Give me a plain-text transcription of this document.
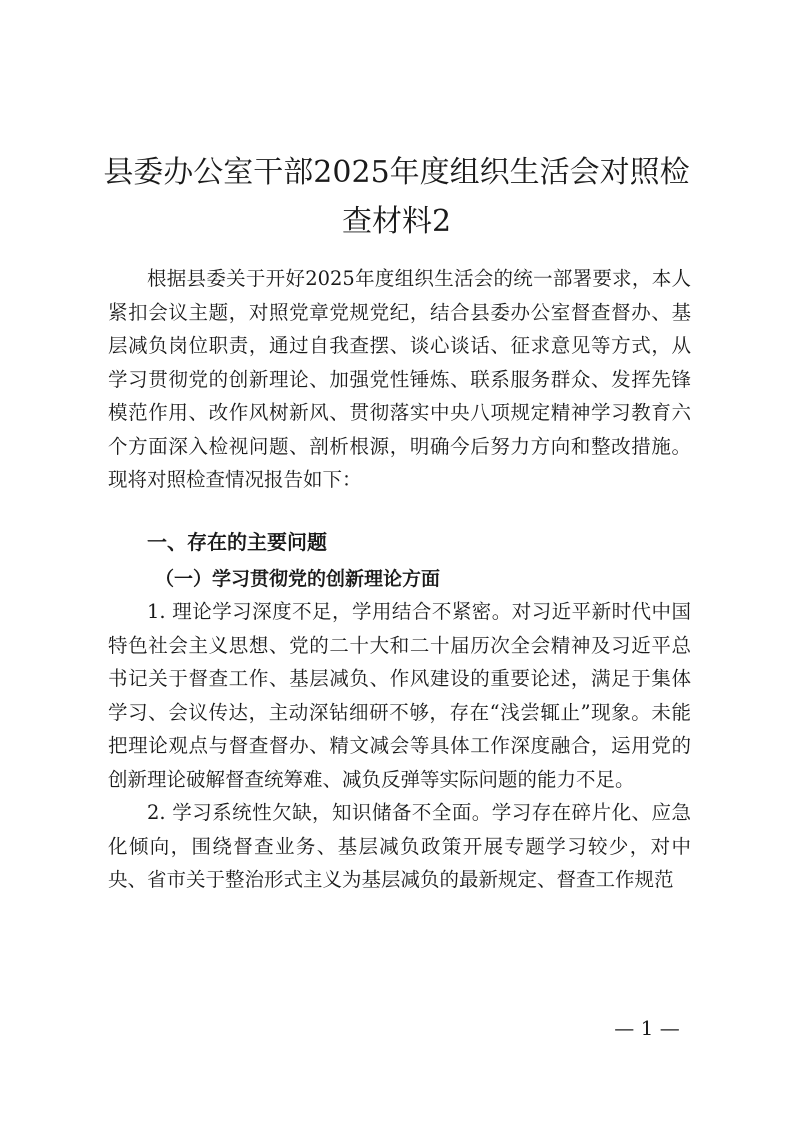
县委办公室干部2025年度组织生活会对照检
查材料2

根据县委关于开好2025年度组织生活会的统一部署要求，本人紧扣会议主题，对照党章党规党纪，结合县委办公室督查督办、基层减负岗位职责，通过自我查摆、谈心谈话、征求意见等方式，从学习贯彻党的创新理论、加强党性锤炼、联系服务群众、发挥先锋模范作用、改作风树新风、贯彻落实中央八项规定精神学习教育六个方面深入检视问题、剖析根源，明确今后努力方向和整改措施。现将对照检查情况报告如下：

一、存在的主要问题
（一）学习贯彻党的创新理论方面

1. 理论学习深度不足，学用结合不紧密。对习近平新时代中国特色社会主义思想、党的二十大和二十届历次全会精神及习近平总书记关于督查工作、基层减负、作风建设的重要论述，满足于集体学习、会议传达，主动深钻细研不够，存在“浅尝辄止”现象。未能把理论观点与督查督办、精文减会等具体工作深度融合，运用党的创新理论破解督查统筹难、减负反弹等实际问题的能力不足。

2. 学习系统性欠缺，知识储备不全面。学习存在碎片化、应急化倾向，围绕督查业务、基层减负政策开展专题学习较少，对中央、省市关于整治形式主义为基层减负的最新规定、督查工作规范

— 1 —
